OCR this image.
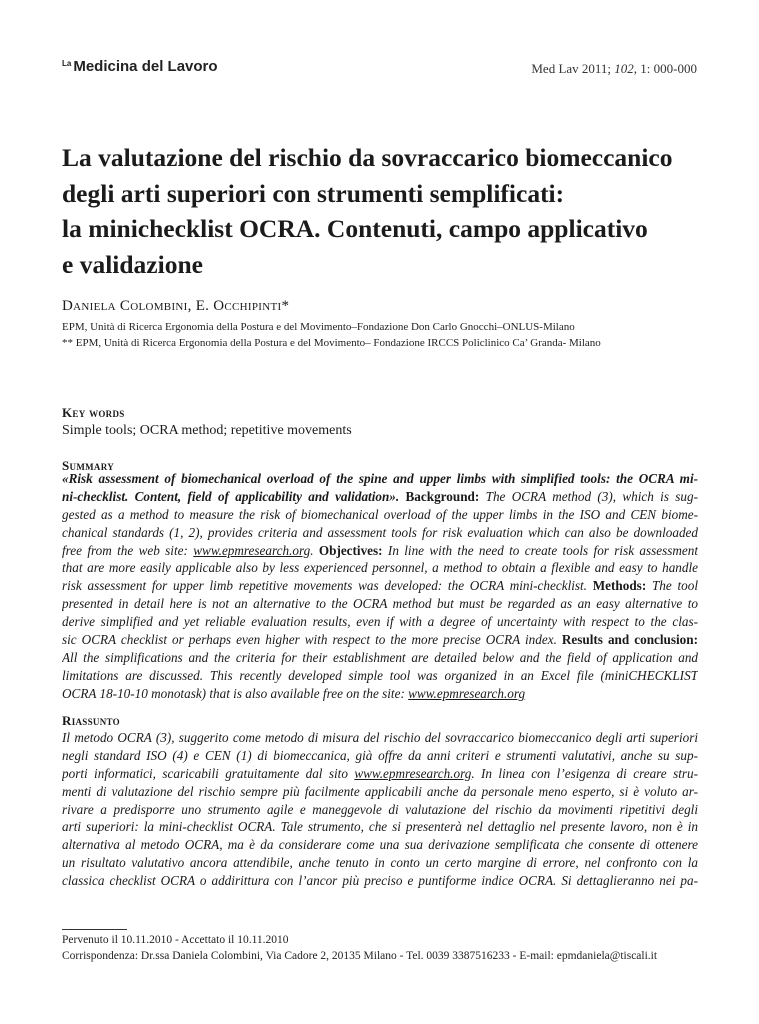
$^{La}$ Medicina del Lavoro	Med Lav 2011; 102, 1: 000-000
La valutazione del rischio da sovraccarico biomeccanico
degli arti superiori con strumenti semplificati:
la minichecklist OCRA. Contenuti, campo applicativo
e validazione
Daniela Colombini, E. Occhipinti*
EPM, Unità di Ricerca Ergonomia della Postura e del Movimento–Fondazione Don Carlo Gnocchi–ONLUS-Milano
** EPM, Unità di Ricerca Ergonomia della Postura e del Movimento– Fondazione IRCCS Policlinico Ca’ Granda- Milano
Key words
Simple tools; OCRA method; repetitive movements
Summary
«Risk assessment of biomechanical overload of the spine and upper limbs with simplified tools: the OCRA mi-
ni-checklist. Content, field of applicability and validation». Background: The OCRA method (3), which is sug-
gested as a method to measure the risk of biomechanical overload of the upper limbs in the ISO and CEN biome-
chanical standards (1, 2), provides criteria and assessment tools for risk evaluation which can also be downloaded
free from the web site: www.epmresearch.org. Objectives: In line with the need to create tools for risk assessment
that are more easily applicable also by less experienced personnel, a method to obtain a flexible and easy to handle
risk assessment for upper limb repetitive movements was developed: the OCRA mini-checklist. Methods: The tool
presented in detail here is not an alternative to the OCRA method but must be regarded as an easy alternative to
derive simplified and yet reliable evaluation results, even if with a degree of uncertainty with respect to the clas-
sic OCRA checklist or perhaps even higher with respect to the more precise OCRA index. Results and conclusion:
All the simplifications and the criteria for their establishment are detailed below and the field of application and
limitations are discussed. This recently developed simple tool was organized in an Excel file (miniCHECKLIST
OCRA 18-10-10 monotask) that is also available free on the site: www.epmresearch.org
Riassunto
Il metodo OCRA (3), suggerito come metodo di misura del rischio del sovraccarico biomeccanico degli arti superiori
negli standard ISO (4) e CEN (1) di biomeccanica, già offre da anni criteri e strumenti valutativi, anche su sup-
porti informatici, scaricabili gratuitamente dal sito www.epmresearch.org. In linea con l’esigenza di creare stru-
menti di valutazione del rischio sempre più facilmente applicabili anche da personale meno esperto, si è voluto ar-
rivare a predisporre uno strumento agile e maneggevole di valutazione del rischio da movimenti ripetitivi degli
arti superiori: la mini-checklist OCRA. Tale strumento, che si presenterà nel dettaglio nel presente lavoro, non è in
alternativa al metodo OCRA, ma è da considerare come una sua derivazione semplificata che consente di ottenere
un risultato valutativo ancora attendibile, anche tenuto in conto un certo margine di errore, nel confronto con la
classica checklist OCRA o addirittura con l’ancor più preciso e puntiforme indice OCRA. Si dettaglieranno nei pa-
Pervenuto il 10.11.2010 - Accettato il 10.11.2010
Corrispondenza: Dr.ssa Daniela Colombini, Via Cadore 2, 20135 Milano - Tel. 0039 3387516233 - E-mail: epmdaniela@tiscali.it
